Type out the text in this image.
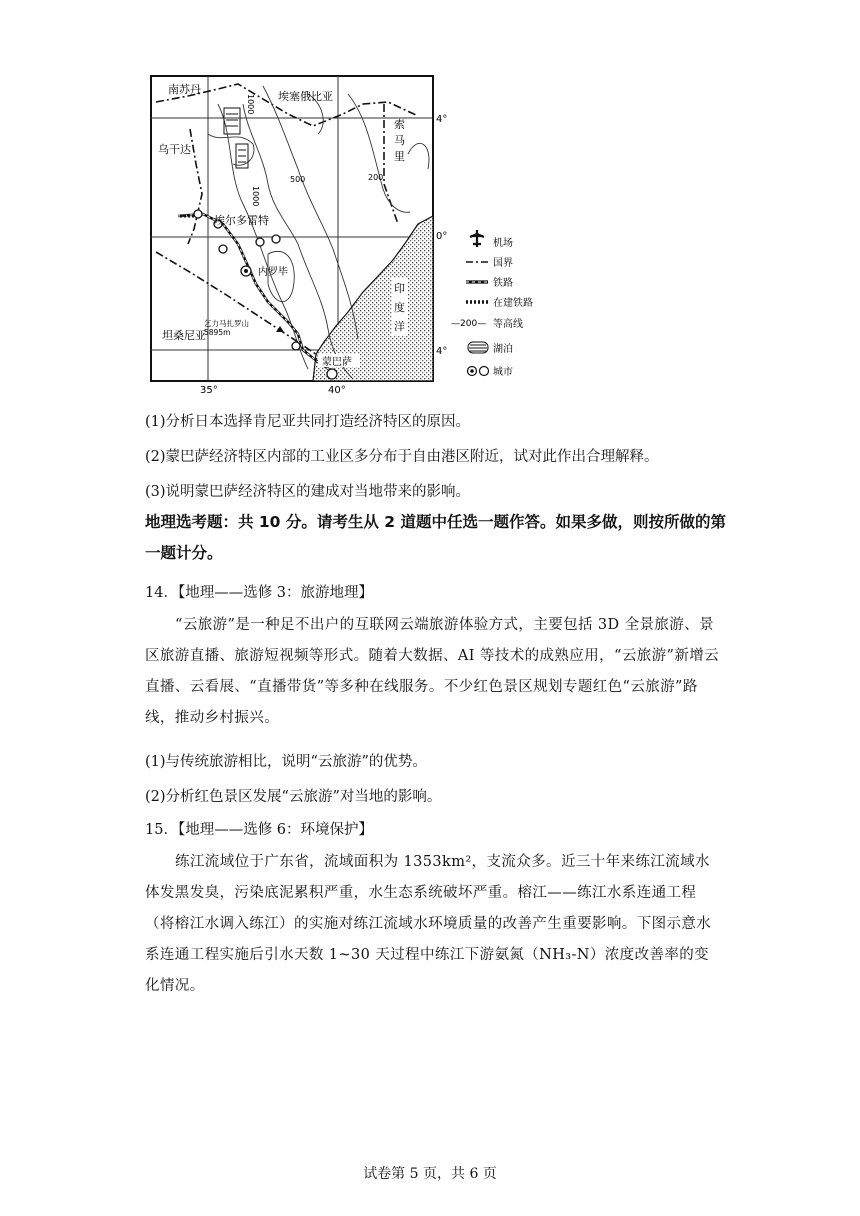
南苏丹
埃塞俄比亚
乌干达
埃尔多雷特
内罗毕
坦桑尼亚
乞力马扎罗山 5895m
蒙巴萨
索
马
里
印
度
洋
1000
1000
500	200
4°
0°
4°
35°	40°
机场
国界
铁路
在建铁路
—200— 等高线
湖泊
城市
(1)分析日本选择肯尼亚共同打造经济特区的原因。
(2)蒙巴萨经济特区内部的工业区多分布于自由港区附近，试对此作出合理解释。
(3)说明蒙巴萨经济特区的建成对当地带来的影响。
地理选考题：共 10 分。请考生从 2 道题中任选一题作答。如果多做，则按所做的第一题计分。
14．【地理——选修 3：旅游地理】
“云旅游”是一种足不出户的互联网云端旅游体验方式，主要包括 3D 全景旅游、景区旅游直播、旅游短视频等形式。随着大数据、AI 等技术的成熟应用，“云旅游”新增云直播、云看展、“直播带货”等多种在线服务。不少红色景区规划专题红色“云旅游”路线，推动乡村振兴。
(1)与传统旅游相比，说明“云旅游”的优势。
(2)分析红色景区发展“云旅游”对当地的影响。
15．【地理——选修 6：环境保护】
练江流域位于广东省，流域面积为 1353km²，支流众多。近三十年来练江流域水体发黑发臭，污染底泥累积严重，水生态系统破坏严重。榕江——练江水系连通工程（将榕江水调入练江）的实施对练江流域水环境质量的改善产生重要影响。下图示意水系连通工程实施后引水天数 1~30 天过程中练江下游氨氮（NH₃-N）浓度改善率的变化情况。
试卷第 5 页，共 6 页
